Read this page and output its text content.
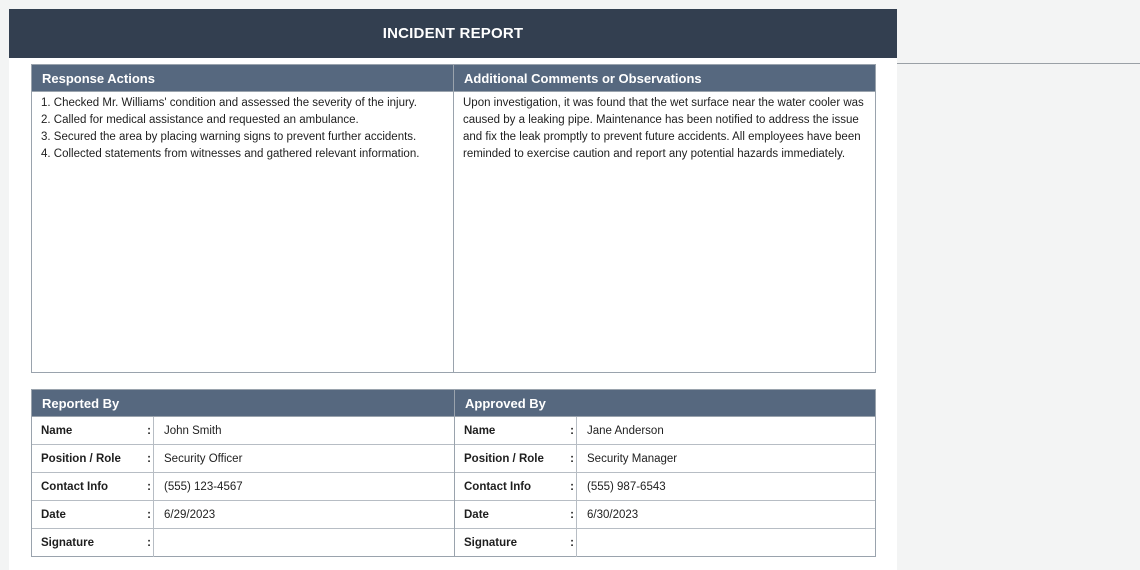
INCIDENT REPORT
Response Actions
1. Checked Mr. Williams' condition and assessed the severity of the injury.
2. Called for medical assistance and requested an ambulance.
3. Secured the area by placing warning signs to prevent further accidents.
4. Collected statements from witnesses and gathered relevant information.
Additional Comments or Observations
Upon investigation, it was found that the wet surface near the water cooler was caused by a leaking pipe. Maintenance has been notified to address the issue and fix the leak promptly to prevent future accidents. All employees have been reminded to exercise caution and report any potential hazards immediately.
Reported By
Name	:	John Smith
Position / Role :	Security Officer
Contact Info	:	(555) 123-4567
Date	:	6/29/2023
Signature	:
Approved By
Name	:	Jane Anderson
Position / Role :	Security Manager
Contact Info	:	(555) 987-6543
Date	:	6/30/2023
Signature	:
